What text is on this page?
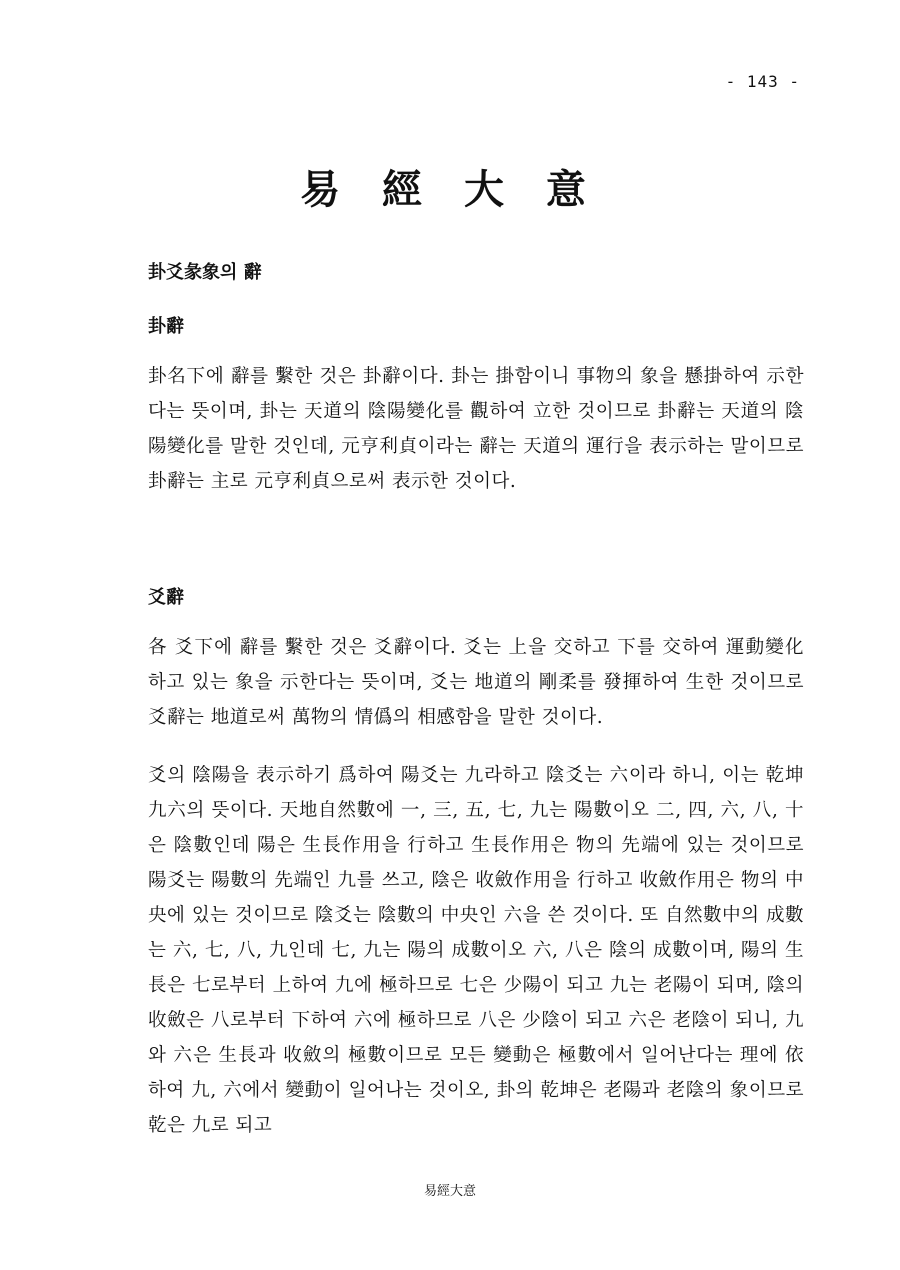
- 143 -
易 經 大 意
卦爻彖象의 辭
卦辭

卦名下에 辭를 繫한 것은 卦辭이다. 卦는 掛함이니 事物의 象을 懸掛하여 示한다는 뜻이며, 卦는 天道의 陰陽變化를 觀하여 立한 것이므로 卦辭는 天道의 陰陽變化를 말한 것인데, 元亨利貞이라는 辭는 天道의 運行을 表示하는 말이므로 卦辭는 主로 元亨利貞으로써 表示한 것이다.

爻辭

各 爻下에 辭를 繫한 것은 爻辭이다. 爻는 上을 交하고 下를 交하여 運動變化하고 있는 象을 示한다는 뜻이며, 爻는 地道의 剛柔를 發揮하여 生한 것이므로 爻辭는 地道로써 萬物의 情僞의 相感함을 말한 것이다.

爻의 陰陽을 表示하기 爲하여 陽爻는 九라하고 陰爻는 六이라 하니, 이는 乾坤九六의 뜻이다. 天地自然數에 一, 三, 五, 七, 九는 陽數이오 二, 四, 六, 八, 十은 陰數인데 陽은 生長作用을 行하고 生長作用은 物의 先端에 있는 것이므로 陽爻는 陽數의 先端인 九를 쓰고, 陰은 收斂作用을 行하고 收斂作用은 物의 中央에 있는 것이므로 陰爻는 陰數의 中央인 六을 쓴 것이다. 또 自然數中의 成數는 六, 七, 八, 九인데 七, 九는 陽의 成數이오 六, 八은 陰의 成數이며, 陽의 生長은 七로부터 上하여 九에 極하므로 七은 少陽이 되고 九는 老陽이 되며, 陰의 收斂은 八로부터 下하여 六에 極하므로 八은 少陰이 되고 六은 老陰이 되니, 九와 六은 生長과 收斂의 極數이므로 모든 變動은 極數에서 일어난다는 理에 依하여 九, 六에서 變動이 일어나는 것이오, 卦의 乾坤은 老陽과 老陰의 象이므로 乾은 九로 되고

易經大意
